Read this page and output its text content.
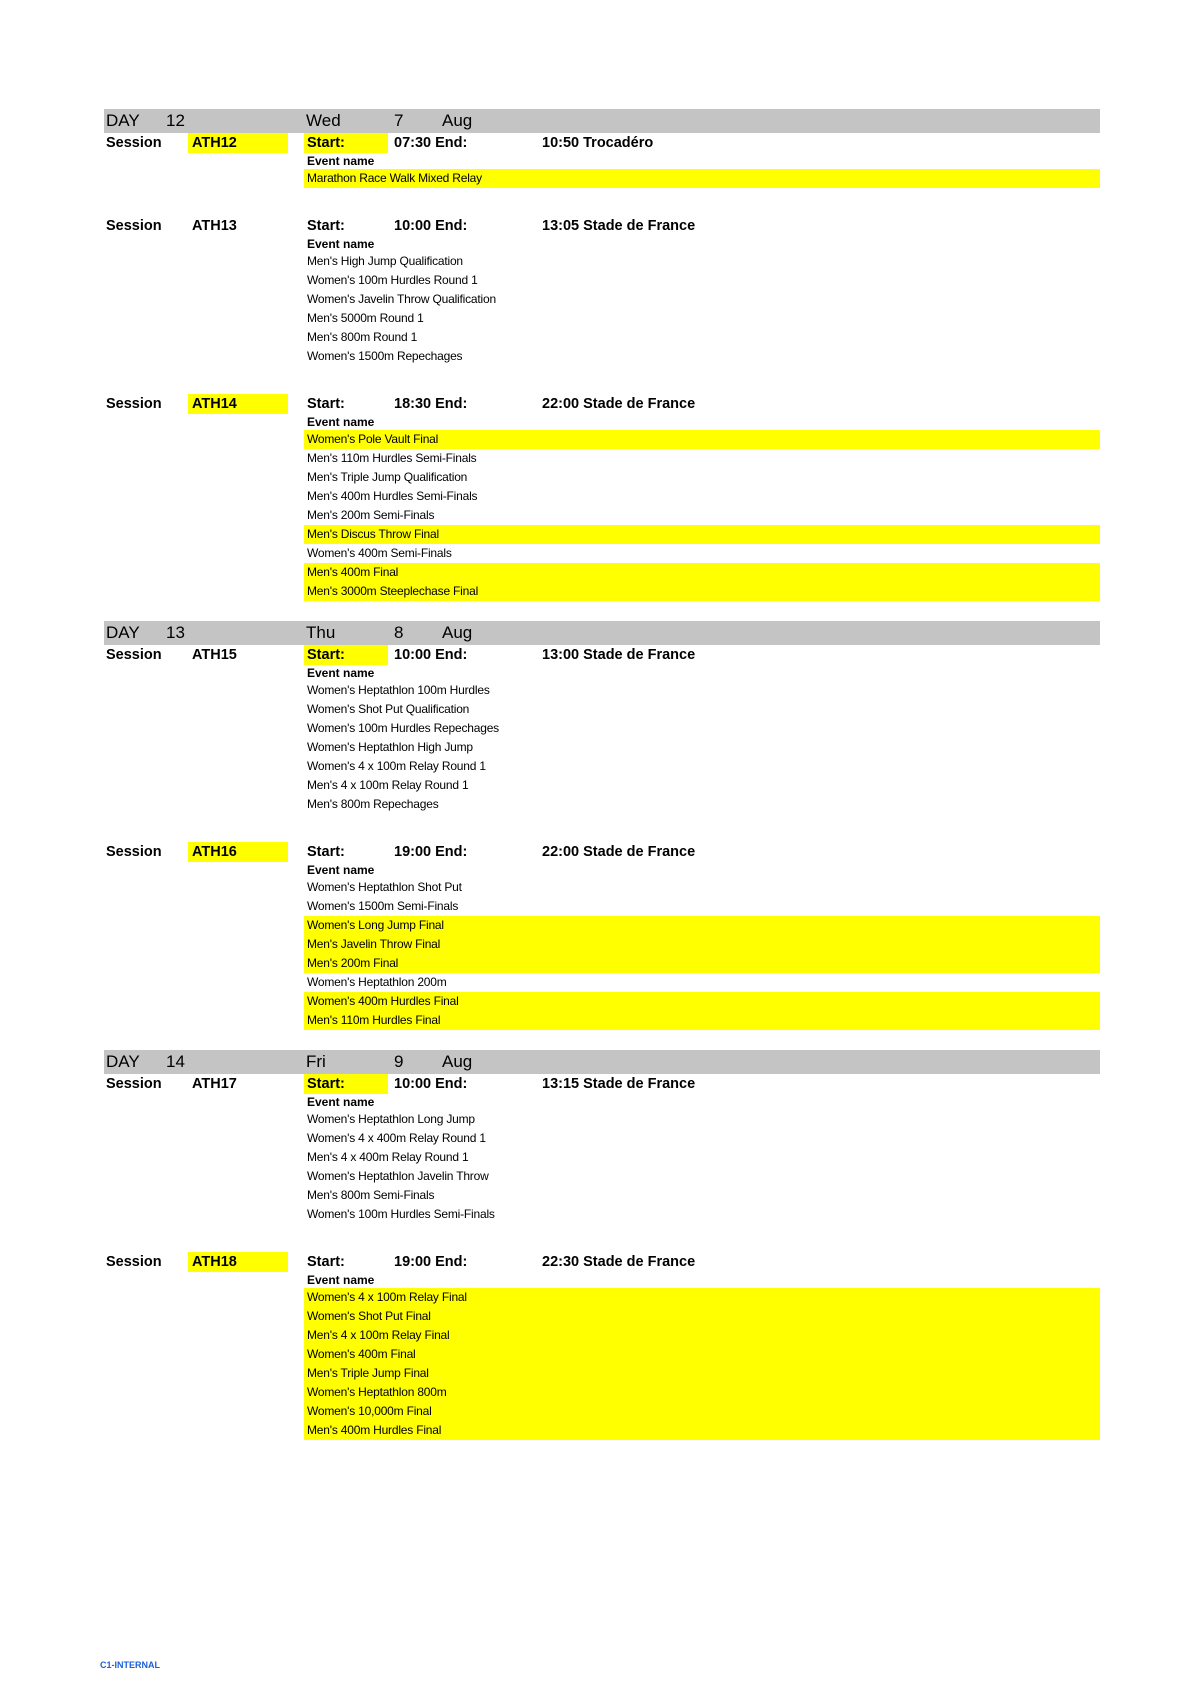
DAY 12	Wed	7 Aug
Session ATH12	Start:	07:30 End:	10:50 Trocadéro
Event name
Marathon Race Walk Mixed Relay
Session ATH13	Start:	10:00 End:	13:05 Stade de France
Event name
Men's High Jump Qualification
Women's 100m Hurdles Round 1
Women's Javelin Throw Qualification
Men's 5000m Round 1
Men's 800m Round 1
Women's 1500m Repechages
Session ATH14	Start:	18:30 End:	22:00 Stade de France
Event name
Women's Pole Vault Final
Men's 110m Hurdles Semi-Finals
Men's Triple Jump Qualification
Men's 400m Hurdles Semi-Finals
Men's 200m Semi-Finals
Men's Discus Throw Final
Women's 400m Semi-Finals
Men's 400m Final
Men's 3000m Steeplechase Final
DAY 13	Thu	8 Aug
Session ATH15	Start:	10:00 End:	13:00 Stade de France
Event name
Women's Heptathlon 100m Hurdles
Women's Shot Put Qualification
Women's 100m Hurdles Repechages
Women's Heptathlon High Jump
Women's 4 x 100m Relay Round 1
Men's 4 x 100m Relay Round 1
Men's 800m Repechages
Session ATH16	Start:	19:00 End:	22:00 Stade de France
Event name
Women's Heptathlon Shot Put
Women's 1500m Semi-Finals
Women's Long Jump Final
Men's Javelin Throw Final
Men's 200m Final
Women's Heptathlon 200m
Women's 400m Hurdles Final
Men's 110m Hurdles Final
DAY 14	Fri	9 Aug
Session ATH17	Start:	10:00 End:	13:15 Stade de France
Event name
Women's Heptathlon Long Jump
Women's 4 x 400m Relay Round 1
Men's 4 x 400m Relay Round 1
Women's Heptathlon Javelin Throw
Men's 800m Semi-Finals
Women's 100m Hurdles Semi-Finals
Session ATH18	Start:	19:00 End:	22:30 Stade de France
Event name
Women's 4 x 100m Relay Final
Women's Shot Put Final
Men's 4 x 100m Relay Final
Women's 400m Final
Men's Triple Jump Final
Women's Heptathlon 800m
Women's 10,000m Final
Men's 400m Hurdles Final
C1-INTERNAL
